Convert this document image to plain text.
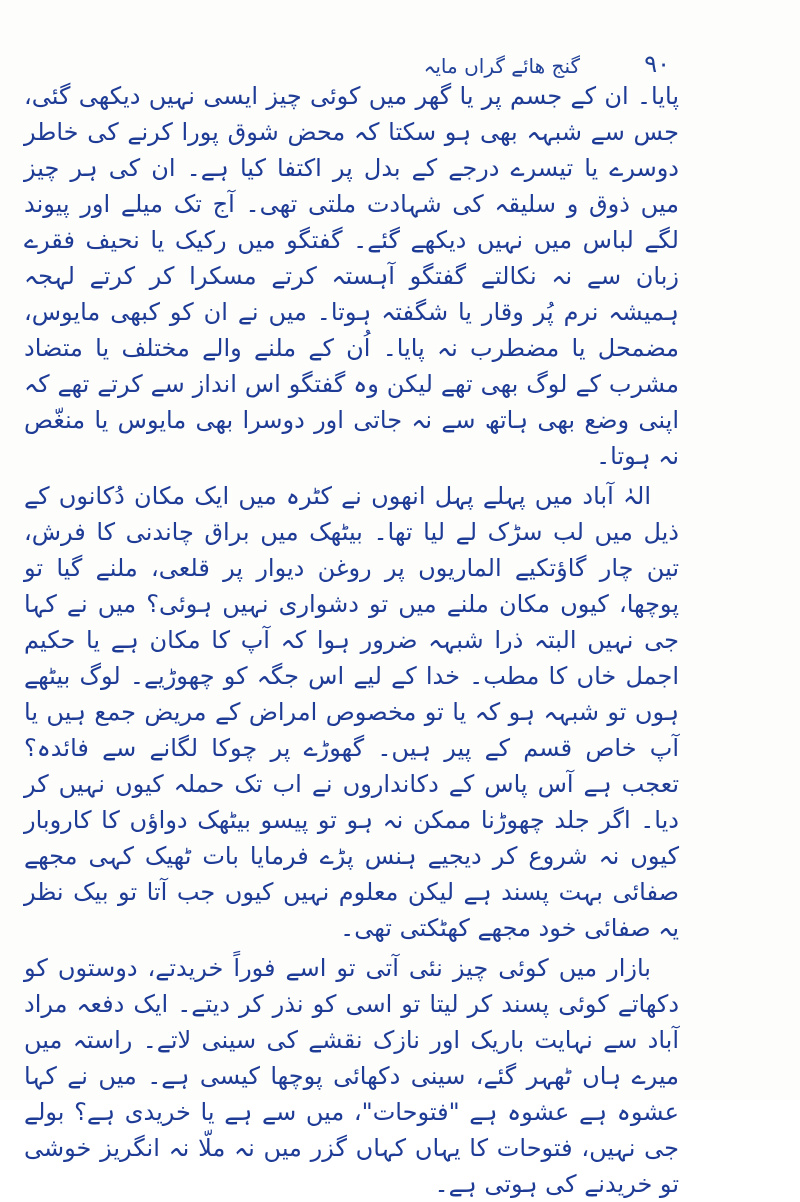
٩٠
گنج ھائے گراں مایہ

پایا۔ ان کے جسم پر یا گھر میں کوئی چیز ایسی نہیں دیکھی گئی، جس سے شبہہ بھی ہو سکتا کہ محض شوق پورا کرنے کی خاطر دوسرے یا تیسرے درجے کے بدل پر اکتفا کیا ہے۔ ان کی ہر چیز میں ذوق و سلیقہ کی شہادت ملتی تھی۔ آج تک میلے اور پیوند لگے لباس میں نہیں دیکھے گئے۔ گفتگو میں رکیک یا نحیف فقرے زبان سے نہ نکالتے گفتگو آہستہ کرتے مسکرا کر کرتے لہجہ ہمیشہ نرم پُر وقار یا شگفتہ ہوتا۔ میں نے ان کو کبھی مایوس، مضمحل یا مضطرب نہ پایا۔ اُن کے ملنے والے مختلف یا متضاد مشرب کے لوگ بھی تھے لیکن وہ گفتگو اس انداز سے کرتے تھے کہ اپنی وضع بھی ہاتھ سے نہ جاتی اور دوسرا بھی مایوس یا منغّص نہ ہوتا۔

الہٰ آباد میں پہلے پہل انھوں نے کٹرہ میں ایک مکان دُکانوں کے ذیل میں لب سڑک لے لیا تھا۔ بیٹھک میں براق چاندنی کا فرش، تین چار گاؤتکیے الماریوں پر روغن دیوار پر قلعی، ملنے گیا تو پوچھا، کیوں مکان ملنے میں تو دشواری نہیں ہوئی؟ میں نے کہا جی نہیں البتہ ذرا شبہہ ضرور ہوا کہ آپ کا مکان ہے یا حکیم اجمل خاں کا مطب۔ خدا کے لیے اس جگہ کو چھوڑیے۔ لوگ بیٹھے ہوں تو شبہہ ہو کہ یا تو مخصوص امراض کے مریض جمع ہیں یا آپ خاص قسم کے پیر ہیں۔ گھوڑے پر چوکا لگانے سے فائدہ؟ تعجب ہے آس پاس کے دکانداروں نے اب تک حملہ کیوں نہیں کر دیا۔ اگر جلد چھوڑنا ممکن نہ ہو تو پیسو بیٹھک دواؤں کا کاروبار کیوں نہ شروع کر دیجیے ہنس پڑے فرمایا بات ٹھیک کہی مجھے صفائی بہت پسند ہے لیکن معلوم نہیں کیوں جب آتا تو بیک نظر یہ صفائی خود مجھے کھٹکتی تھی۔

بازار میں کوئی چیز نئی آتی تو اسے فوراً خریدتے، دوستوں کو دکھاتے کوئی پسند کر لیتا تو اسی کو نذر کر دیتے۔ ایک دفعہ مراد آباد سے نہایت باریک اور نازک نقشے کی سینی لاتے۔ راستہ میں میرے ہاں ٹھہر گئے، سینی دکھائی پوچھا کیسی ہے۔ میں نے کہا عشوہ ہے عشوہ ہے "فتوحات"، میں سے ہے یا خریدی ہے؟ بولے جی نہیں، فتوحات کا یہاں کہاں گزر میں نہ ملّا نہ انگریز خوشی تو خریدنے کی ہوتی ہے۔
